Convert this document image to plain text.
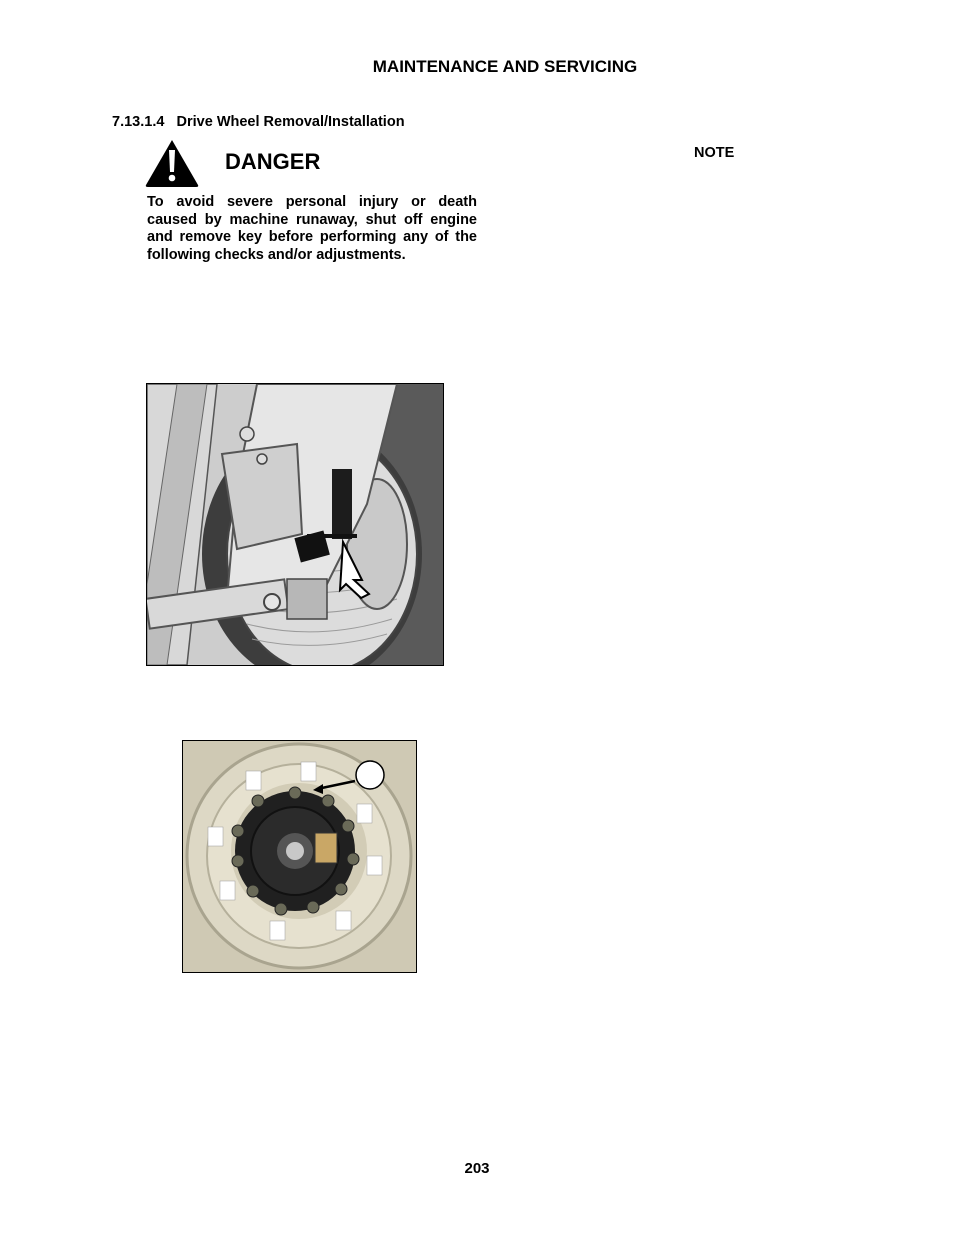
MAINTENANCE AND SERVICING
7.13.1.4 Drive Wheel Removal/Installation
DANGER
To avoid severe personal injury or death caused by machine runaway, shut off engine and remove key before performing any of the following checks and/or adjustments.
NOTE
203
